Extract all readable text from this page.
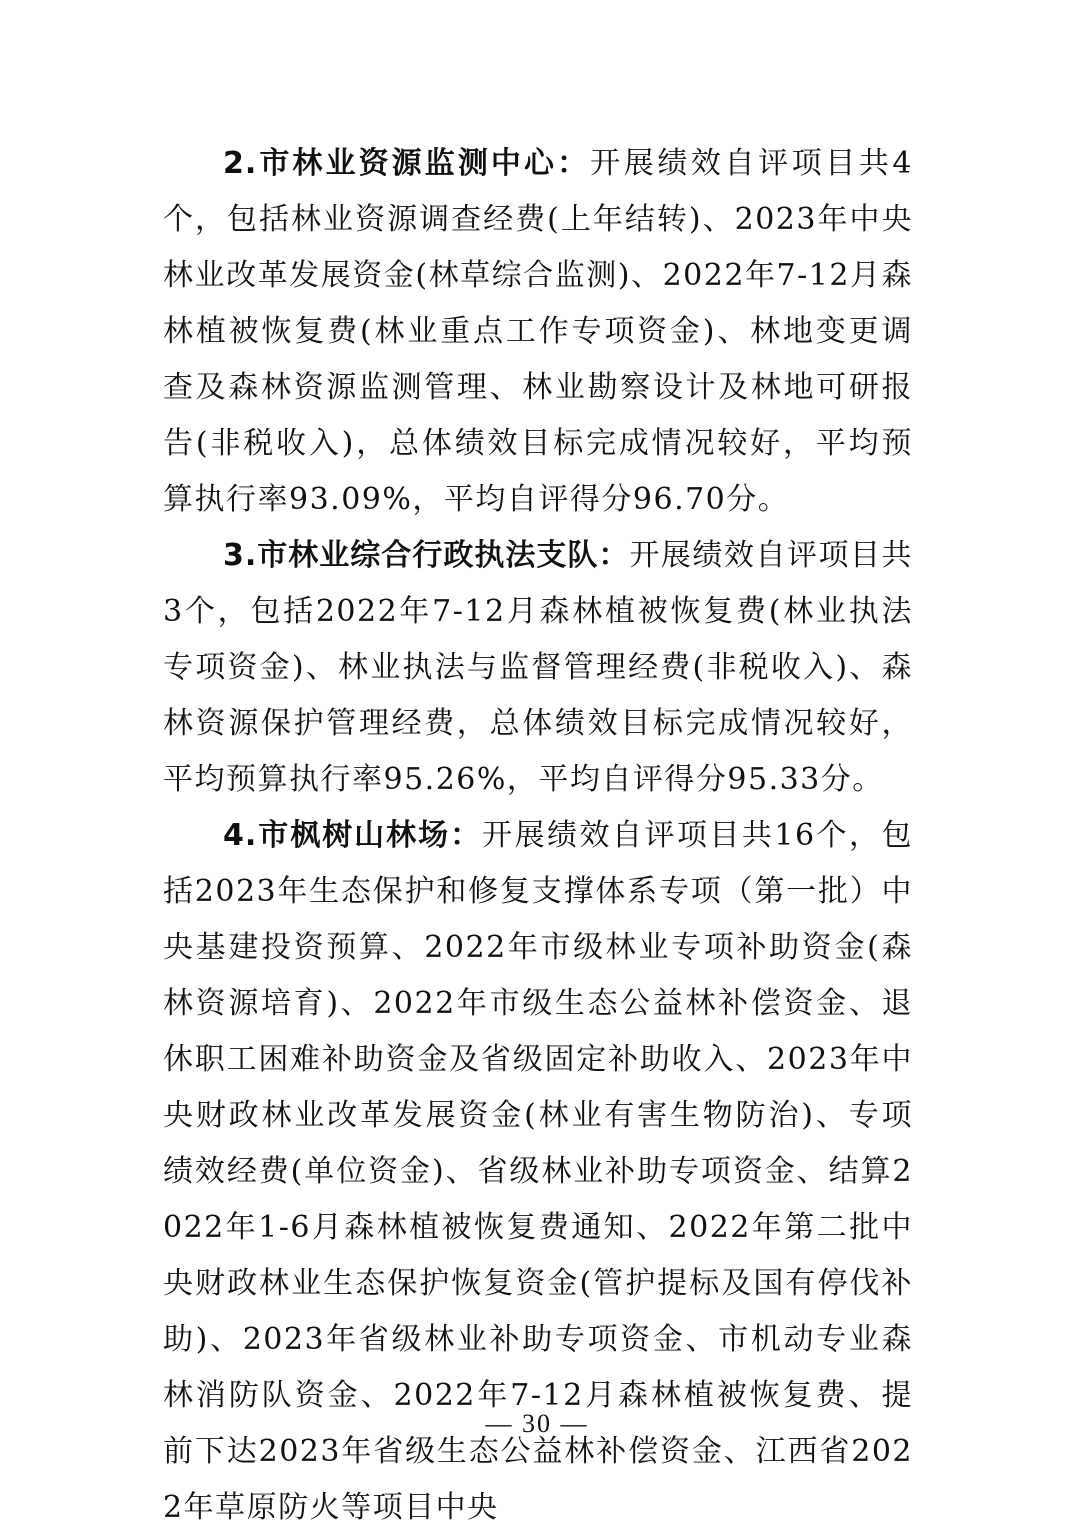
2.市林业资源监测中心：开展绩效自评项目共4个，包括林业资源调查经费(上年结转)、2023年中央林业改革发展资金(林草综合监测)、2022年7-12月森林植被恢复费(林业重点工作专项资金)、林地变更调查及森林资源监测管理、林业勘察设计及林地可研报告(非税收入)，总体绩效目标完成情况较好，平均预算执行率93.09%，平均自评得分96.70分。

3.市林业综合行政执法支队：开展绩效自评项目共3个，包括2022年7-12月森林植被恢复费(林业执法专项资金)、林业执法与监督管理经费(非税收入)、森林资源保护管理经费，总体绩效目标完成情况较好，平均预算执行率95.26%，平均自评得分95.33分。

4.市枫树山林场：开展绩效自评项目共16个，包括2023年生态保护和修复支撑体系专项（第一批）中央基建投资预算、2022年市级林业专项补助资金(森林资源培育)、2022年市级生态公益林补偿资金、退休职工困难补助资金及省级固定补助收入、2023年中央财政林业改革发展资金(林业有害生物防治)、专项绩效经费(单位资金)、省级林业补助专项资金、结算2022年1-6月森林植被恢复费通知、2022年第二批中央财政林业生态保护恢复资金(管护提标及国有停伐补助)、2023年省级林业补助专项资金、市机动专业森林消防队资金、2022年7-12月森林植被恢复费、提前下达2023年省级生态公益林补偿资金、江西省2022年草原防火等项目中央

— 30 —
